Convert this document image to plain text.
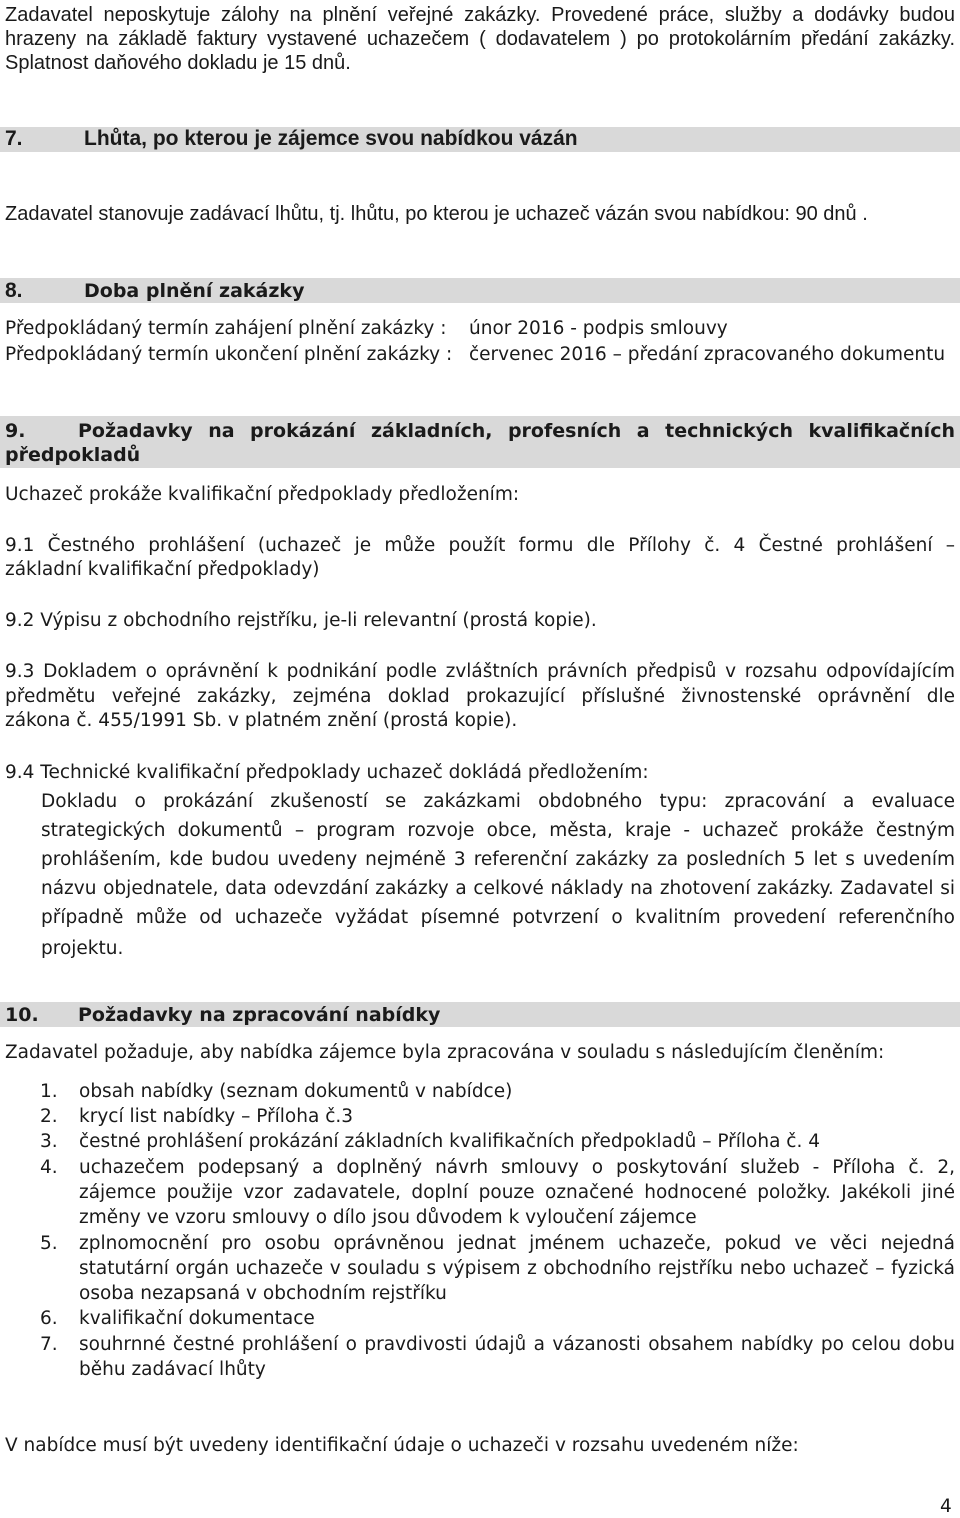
Zadavatel neposkytuje zálohy na plnění veřejné zakázky. Provedené práce, služby a dodávky budou
hrazeny na základě faktury vystavené uchazečem ( dodavatelem ) po protokolárním předání zakázky.
Splatnost daňového dokladu je 15 dnů.
7.	Lhůta, po kterou je zájemce svou nabídkou vázán
Zadavatel stanovuje zadávací lhůtu, tj. lhůtu, po kterou je uchazeč vázán svou nabídkou: 90 dnů .
8.	Doba plnění zakázky
Předpokládaný termín zahájení plnění zakázky : únor 2016 - podpis smlouvy
Předpokládaný termín ukončení plnění zakázky : červenec 2016 – předání zpracovaného dokumentu
9.	Požadavky na prokázání základních, profesních a technických kvalifikačních
předpokladů
Uchazeč prokáže kvalifikační předpoklady předložením:
9.1 Čestného prohlášení (uchazeč je může použít formu dle Přílohy č. 4 Čestné prohlášení –
základní kvalifikační předpoklady)
9.2 Výpisu z obchodního rejstříku, je-li relevantní (prostá kopie).
9.3 Dokladem o oprávnění k podnikání podle zvláštních právních předpisů v rozsahu odpovídajícím
předmětu veřejné zakázky, zejména doklad prokazující příslušné živnostenské oprávnění dle
zákona č. 455/1991 Sb. v platném znění (prostá kopie).
9.4 Technické kvalifikační předpoklady uchazeč dokládá předložením:
Dokladu o prokázání zkušeností se zakázkami obdobného typu: zpracování a evaluace
strategických dokumentů – program rozvoje obce, města, kraje - uchazeč prokáže čestným
prohlášením, kde budou uvedeny nejméně 3 referenční zakázky za posledních 5 let s uvedením
názvu objednatele, data odevzdání zakázky a celkové náklady na zhotovení zakázky. Zadavatel si
případně může od uchazeče vyžádat písemné potvrzení o kvalitním provedení referenčního
projektu.
10. Požadavky na zpracování nabídky
Zadavatel požaduje, aby nabídka zájemce byla zpracována v souladu s následujícím členěním:
1. obsah nabídky (seznam dokumentů v nabídce)
2. krycí list nabídky – Příloha č.3
3. čestné prohlášení prokázání základních kvalifikačních předpokladů – Příloha č. 4
4. uchazečem podepsaný a doplněný návrh smlouvy o poskytování služeb - Příloha č. 2,
zájemce použije vzor zadavatele, doplní pouze označené hodnocené položky. Jakékoli jiné
změny ve vzoru smlouvy o dílo jsou důvodem k vyloučení zájemce
5. zplnomocnění pro osobu oprávněnou jednat jménem uchazeče, pokud ve věci nejedná
statutární orgán uchazeče v souladu s výpisem z obchodního rejstříku nebo uchazeč – fyzická
osoba nezapsaná v obchodním rejstříku
6. kvalifikační dokumentace
7. souhrnné čestné prohlášení o pravdivosti údajů a vázanosti obsahem nabídky po celou dobu
běhu zadávací lhůty
V nabídce musí být uvedeny identifikační údaje o uchazeči v rozsahu uvedeném níže:
4
